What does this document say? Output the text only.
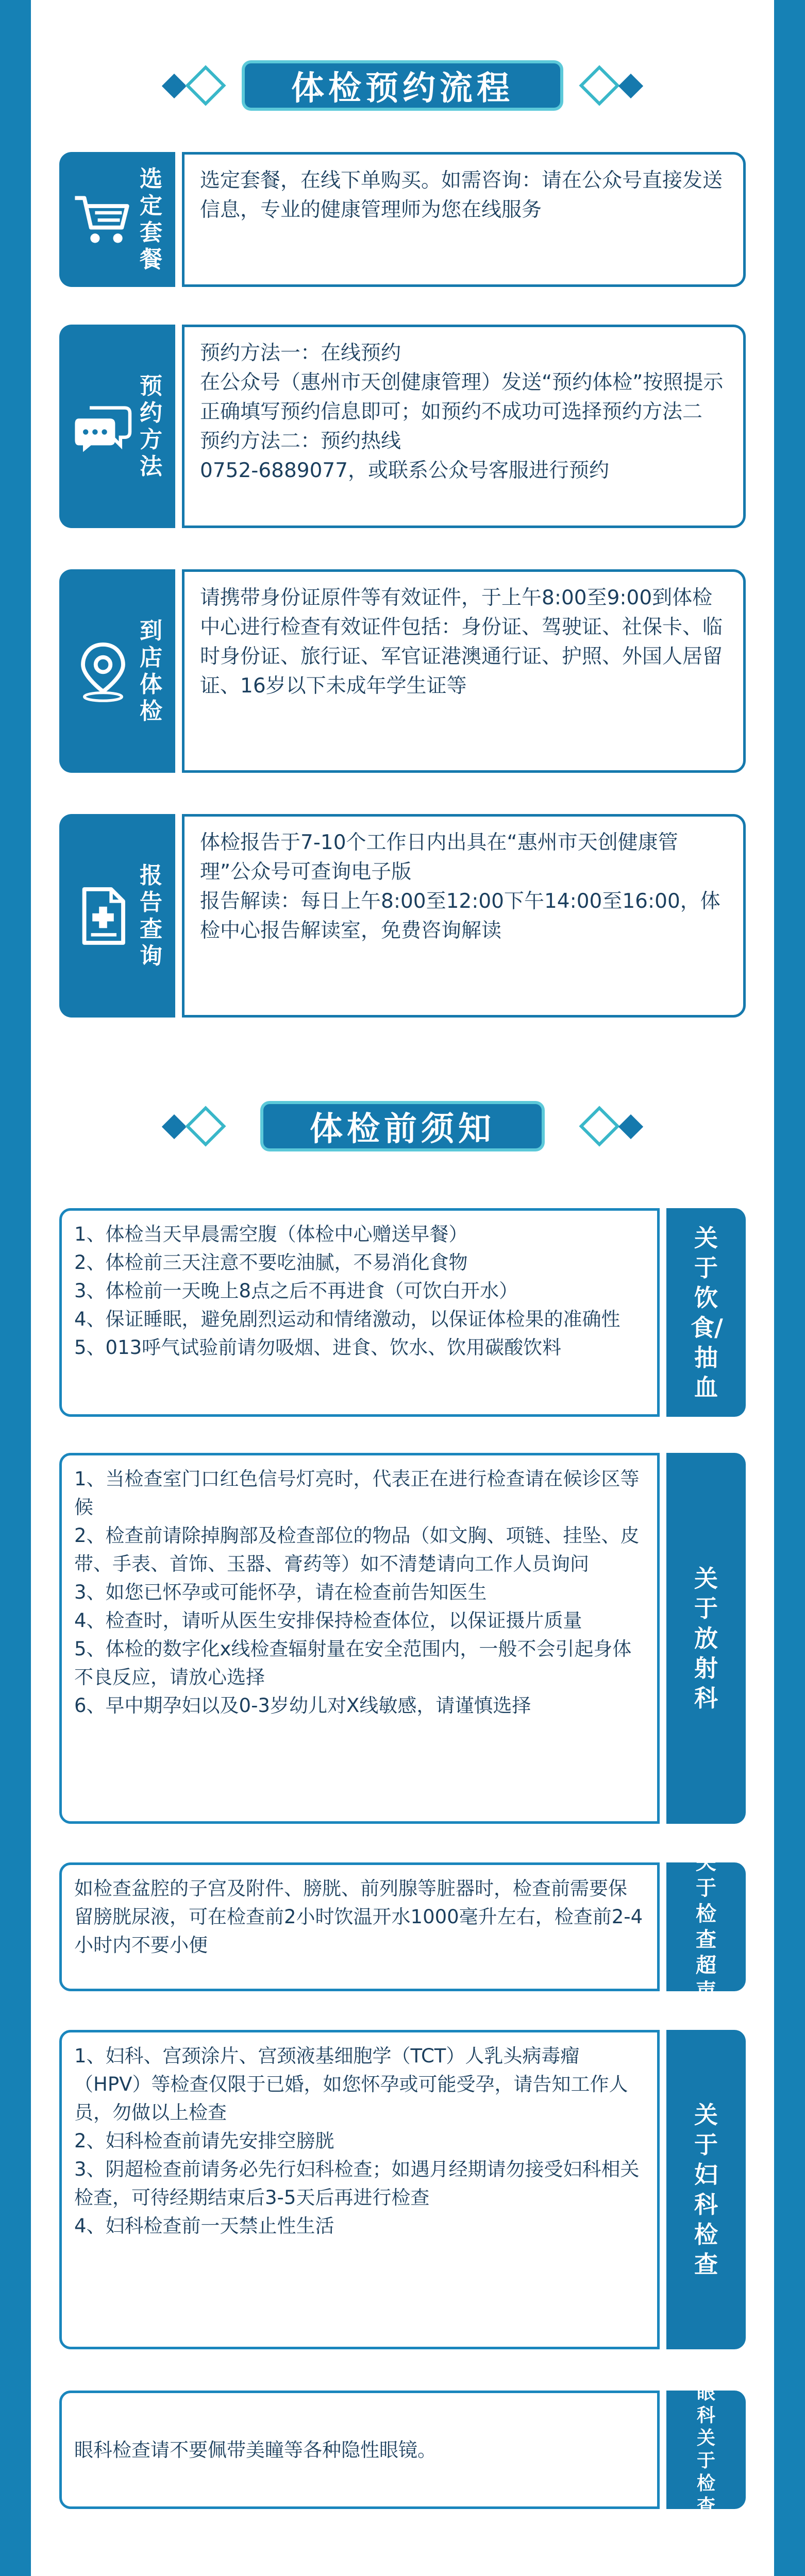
体检预约流程
选定套餐

选定套餐，在线下单购买。如需咨询：请在公众号直接发送信息，专业的健康管理师为您在线服务

预约方法

预约方法一：在线预约

在公众号（惠州市天创健康管理）发送“预约体检”按照提示正确填写预约信息即可；如预约不成功可选择预约方法二

预约方法二：预约热线

0752-6889077，或联系公众号客服进行预约

到店体检

请携带身份证原件等有效证件，于上午8:00至9:00到体检中心进行检查有效证件包括：身份证、驾驶证、社保卡、临时身份证、旅行证、军官证港澳通行证、护照、外国人居留证、16岁以下未成年学生证等

报告查询

体检报告于7-10个工作日内出具在“惠州市天创健康管理”公众号可查询电子版

报告解读：每日上午8:00至12:00下午14:00至16:00，体检中心报告解读室，免费咨询解读

体检前须知

1、体检当天早晨需空腹（体检中心赠送早餐）

2、体检前三天注意不要吃油腻，不易消化食物

3、体检前一天晚上8点之后不再进食（可饮白开水）

4、保证睡眠，避免剧烈运动和情绪激动，以保证体检果的准确性

5、013呼气试验前请勿吸烟、进食、饮水、饮用碳酸饮料

关于饮食/抽血

1、当检查室门口红色信号灯亮时，代表正在进行检查请在候诊区等候

2、检查前请除掉胸部及检查部位的物品（如文胸、项链、挂坠、皮带、手表、首饰、玉器、膏药等）如不清楚请向工作人员询问

3、如您已怀孕或可能怀孕，请在检查前告知医生

4、检查时，请听从医生安排保持检查体位，以保证摄片质量

5、体检的数字化x线检查辐射量在安全范围内，一般不会引起身体不良反应，请放心选择

6、早中期孕妇以及0-3岁幼儿对X线敏感，请谨慎选择

关于放射科

如检查盆腔的子宫及附件、膀胱、前列腺等脏器时，检查前需要保留膀胱尿液，可在检查前2小时饮温开水1000毫升左右，检查前2-4小时内不要小便

关于检查超声

1、妇科、宫颈涂片、宫颈液基细胞学（TCT）人乳头病毒瘤（HPV）等检查仅限于已婚，如您怀孕或可能受孕，请告知工作人员，勿做以上检查

2、妇科检查前请先安排空膀胱

3、阴超检查前请务必先行妇科检查；如遇月经期请勿接受妇科相关检查，可待经期结束后3-5天后再进行检查

4、妇科检查前一天禁止性生活

关于妇科检查

眼科检查请不要佩带美瞳等各种隐性眼镜。

眼科关于检查
